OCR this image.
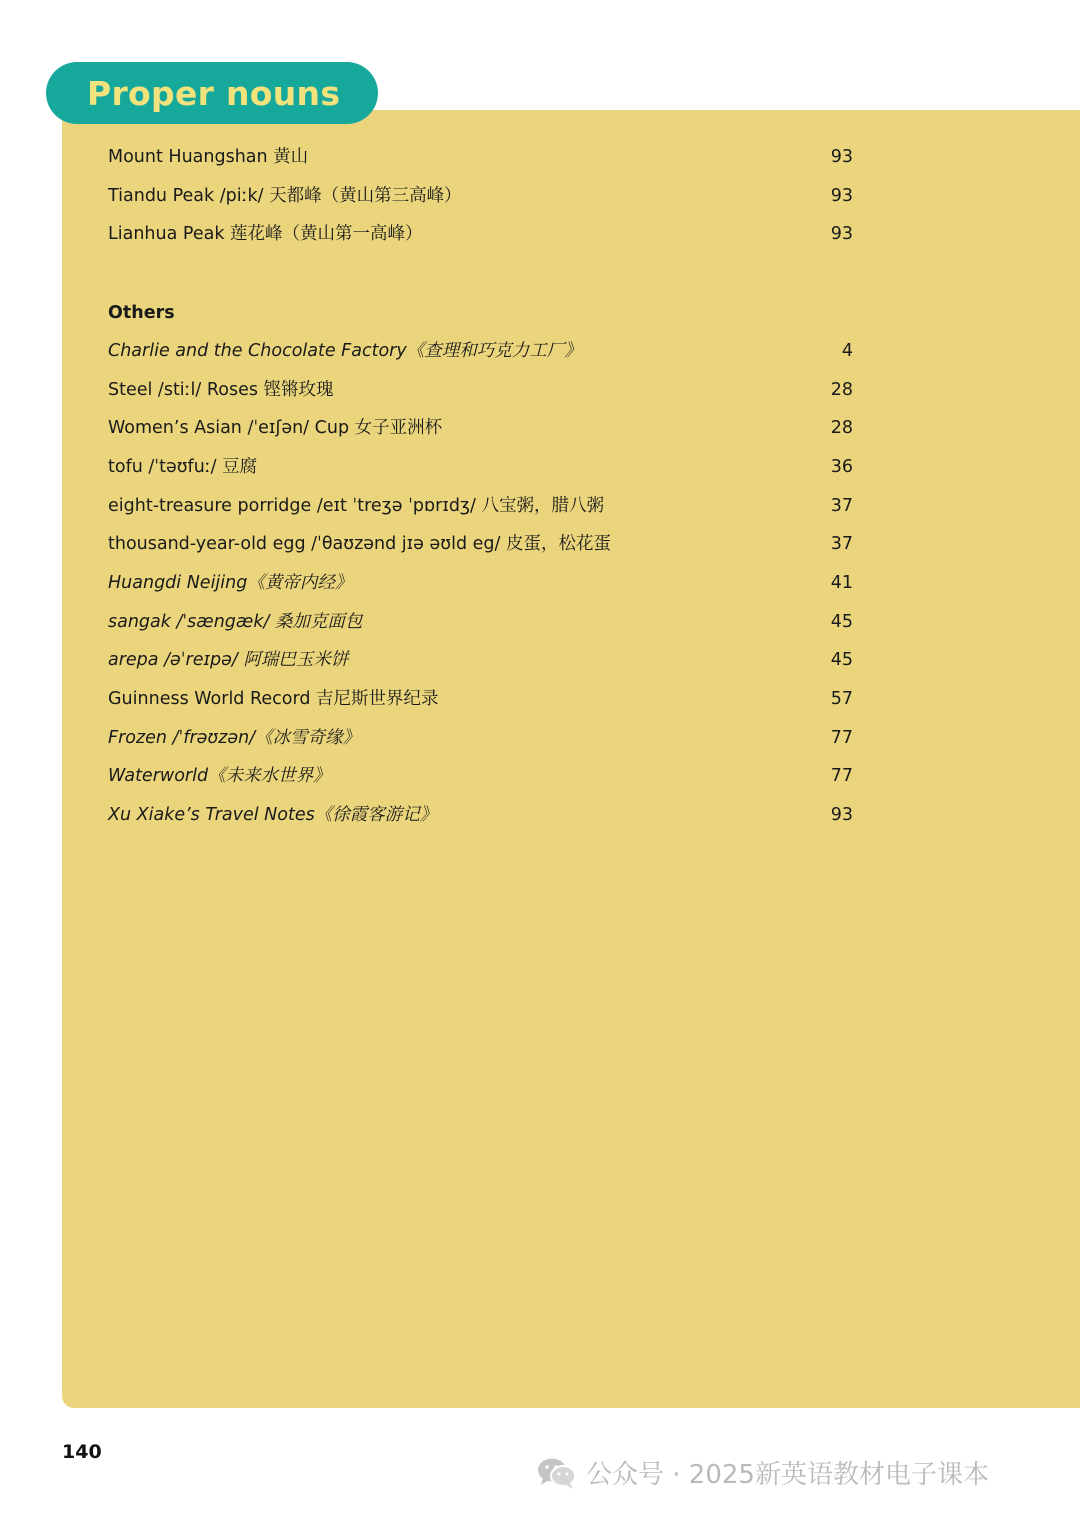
Proper nouns
Mount Huangshan 黄山	93
Tiandu Peak /piːk/ 天都峰（黄山第三高峰）	93
Lianhua Peak 莲花峰（黄山第一高峰）	93
Others
Charlie and the Chocolate Factory《查理和巧克力工厂》	4
Steel /stiːl/ Roses 铿锵玫瑰	28
Women’s Asian /ˈeɪʃən/ Cup 女子亚洲杯	28
tofu /ˈtəʊfuː/ 豆腐	36
eight-treasure porridge /eɪt ˈtreʒə ˈpɒrɪdʒ/ 八宝粥，腊八粥	37
thousand-year-old egg /ˈθaʊzənd jɪə əʊld eg/ 皮蛋，松花蛋	37
Huangdi Neijing《黄帝内经》	41
sangak /ˈsængæk/ 桑加克面包	45
arepa /əˈreɪpə/ 阿瑞巴玉米饼	45
Guinness World Record 吉尼斯世界纪录	57
Frozen /ˈfrəʊzən/《冰雪奇缘》	77
Waterworld《未来水世界》	77
Xu Xiake’s Travel Notes《徐霞客游记》	93
140
公众号 · 2025新英语教材电子课本
